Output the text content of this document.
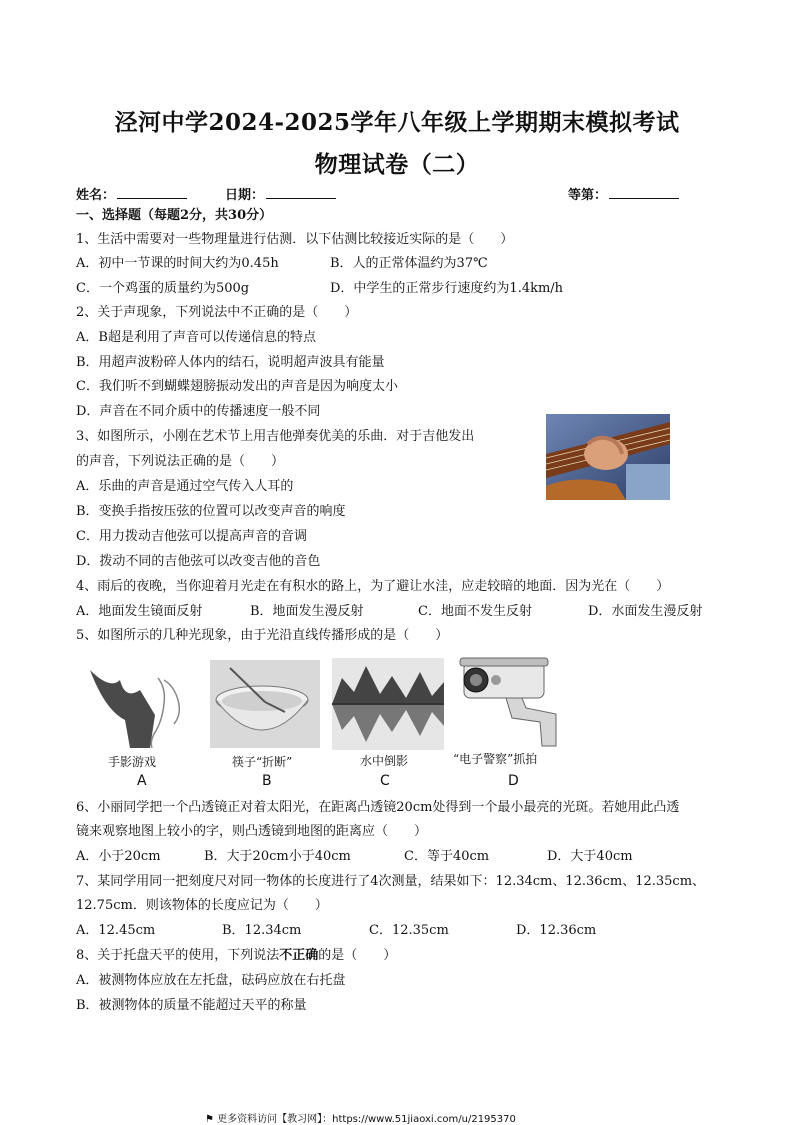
泾河中学2024-2025学年八年级上学期期末模拟考试
物理试卷（二）
姓名：	日期：	等第：
一、选择题（每题2分，共30分）
1、生活中需要对一些物理量进行估测．以下估测比较接近实际的是（　　）
A．初中一节课的时间大约为0.45h	B．人的正常体温约为37℃
C．一个鸡蛋的质量约为500g	D．中学生的正常步行速度约为1.4km/h
2、关于声现象，下列说法中不正确的是（　　）
A．B超是利用了声音可以传递信息的特点
B．用超声波粉碎人体内的结石，说明超声波具有能量
C．我们听不到蝴蝶翅膀振动发出的声音是因为响度太小
D．声音在不同介质中的传播速度一般不同
3、如图所示，小刚在艺术节上用吉他弹奏优美的乐曲．对于吉他发出
的声音，下列说法正确的是（　　）
A．乐曲的声音是通过空气传入人耳的
B．变换手指按压弦的位置可以改变声音的响度
C．用力拨动吉他弦可以提高声音的音调
D．拨动不同的吉他弦可以改变吉他的音色
4、雨后的夜晚，当你迎着月光走在有积水的路上，为了避让水洼，应走较暗的地面．因为光在（　　）
A．地面发生镜面反射	B．地面发生漫反射	C．地面不发生反射	D．水面发生漫反射
5、如图所示的几种光现象，由于光沿直线传播形成的是（　　）
手影游戏
A
筷子“折断”
B
水中倒影
C
“电子警察”抓拍
D
6、小丽同学把一个凸透镜正对着太阳光，在距离凸透镜20cm处得到一个最小最亮的光斑。若她用此凸透
镜来观察地图上较小的字，则凸透镜到地图的距离应（　　）
A．小于20cm	B．大于20cm小于40cm	C．等于40cm	D．大于40cm
7、某同学用同一把刻度尺对同一物体的长度进行了4次测量，结果如下：12.34cm、12.36cm、12.35cm、
12.75cm．则该物体的长度应记为（　　）
A．12.45cm	B．12.34cm	C．12.35cm	D．12.36cm
8、关于托盘天平的使用，下列说法不正确的是（　　）
A．被测物体应放在左托盘，砝码应放在右托盘
B．被测物体的质量不能超过天平的称量
⚑ 更多资料访问【教习网】：https://www.51jiaoxi.com/u/2195370
